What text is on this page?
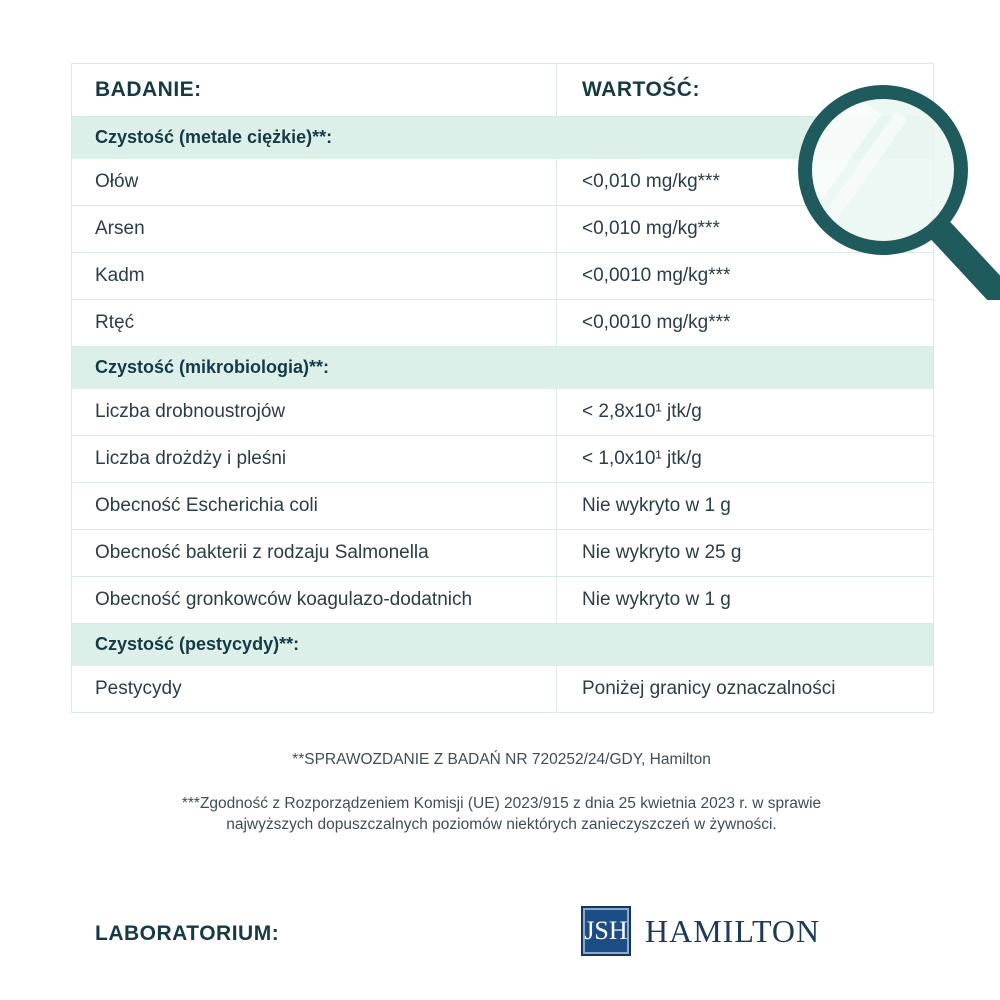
BADANIE:	WARTOŚĆ:
Czystość (metale ciężkie)**:
Ołów	<0,010 mg/kg***
Arsen	<0,010 mg/kg***
Kadm	<0,0010 mg/kg***
Rtęć	<0,0010 mg/kg***
Czystość (mikrobiologia)**:
Liczba drobnoustrojów	< 2,8x10¹ jtk/g
Liczba drożdży i pleśni	< 1,0x10¹ jtk/g
Obecność Escherichia coli	Nie wykryto w 1 g
Obecność bakterii z rodzaju Salmonella	Nie wykryto w 25 g
Obecność gronkowców koagulazo-dodatnich	Nie wykryto w 1 g
Czystość (pestycydy)**:
Pestycydy	Poniżej granicy oznaczalności
**SPRAWOZDANIE Z BADAŃ NR 720252/24/GDY, Hamilton
***Zgodność z Rozporządzeniem Komisji (UE) 2023/915 z dnia 25 kwietnia 2023 r. w sprawie
najwyższych dopuszczalnych poziomów niektórych zanieczyszczeń w żywności.
LABORATORIUM:	JSH HAMILTON
